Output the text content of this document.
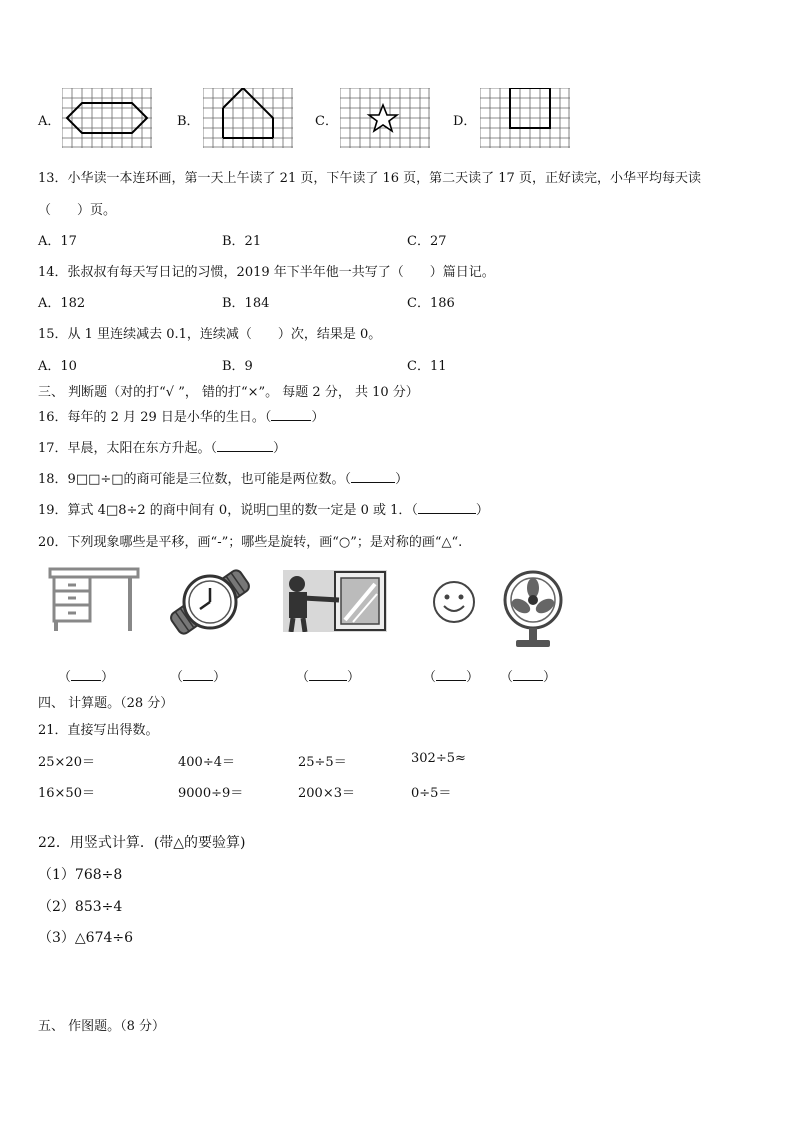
A．	B．	C．	D．
13．小华读一本连环画，第一天上午读了 21 页，下午读了 16 页，第二天读了 17 页，正好读完，小华平均每天读
（　　）页。
A．17	B．21	C．27
14．张叔叔有每天写日记的习惯，2019 年下半年他一共写了（　　）篇日记。
A．182	B．184	C．186
15．从 1 里连续减去 0.1，连续减（　　）次，结果是 0。
A．10	B．9	C．11
三、 判断题（对的打“√ ”， 错的打“×”。 每题 2 分， 共 10 分）
16．每年的 2 月 29 日是小华的生日。（	）
17．早晨，太阳在东方升起。（	）
18．9□□÷□的商可能是三位数，也可能是两位数。（	）
19．算式 4□8÷2 的商中间有 0，说明□里的数一定是 0 或 1．（	）
20．下列现象哪些是平移，画“-”；哪些是旋转，画“○”；是对称的画“△“.
（ ）	（ ）	（	）	（ ） （ ）
四、 计算题。（28 分）
21．直接写出得数。
25×20＝	400÷4＝	25÷5＝	302÷5≈
16×50＝	9000÷9＝	200×3＝	0÷5＝
22．用竖式计算．(带△的要验算)
（1）768÷8
（2）853÷4
（3）△674÷6
五、 作图题。（8 分）
